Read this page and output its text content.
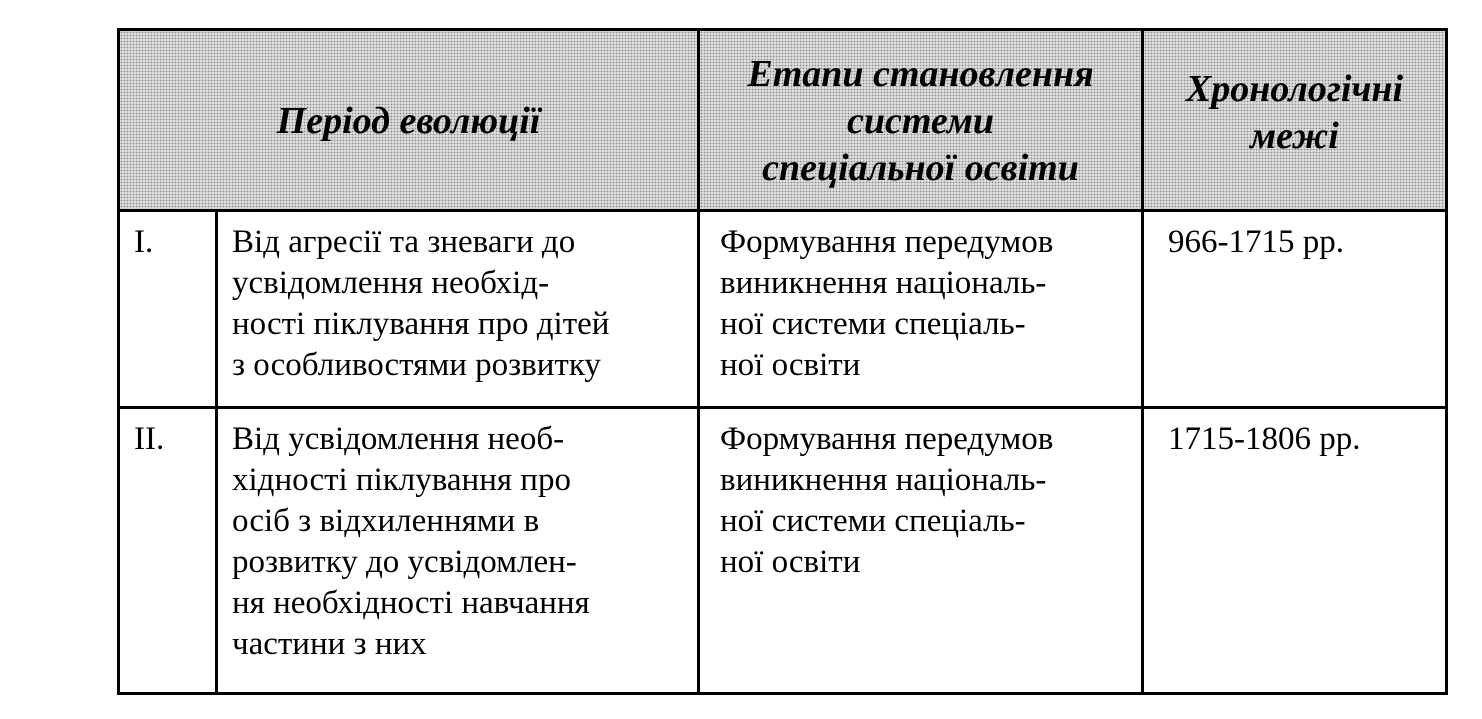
Період еволюції
Етапи становлення
системи
спеціальної освіти
Хронологічні
межі
I.	Від агресії та зневаги до
усвідомлення необхід-
ності піклування про дітей
з особливостями розвитку
Формування передумов
виникнення національ-
ної системи спеціаль-
ної освіти
966-1715 рр.
II.	Від усвідомлення необ-
хідності піклування про
осіб з відхиленнями в
розвитку до усвідомлен-
ня необхідності навчання
частини з них
Формування передумов
виникнення національ-
ної системи спеціаль-
ної освіти
1715-1806 рр.
